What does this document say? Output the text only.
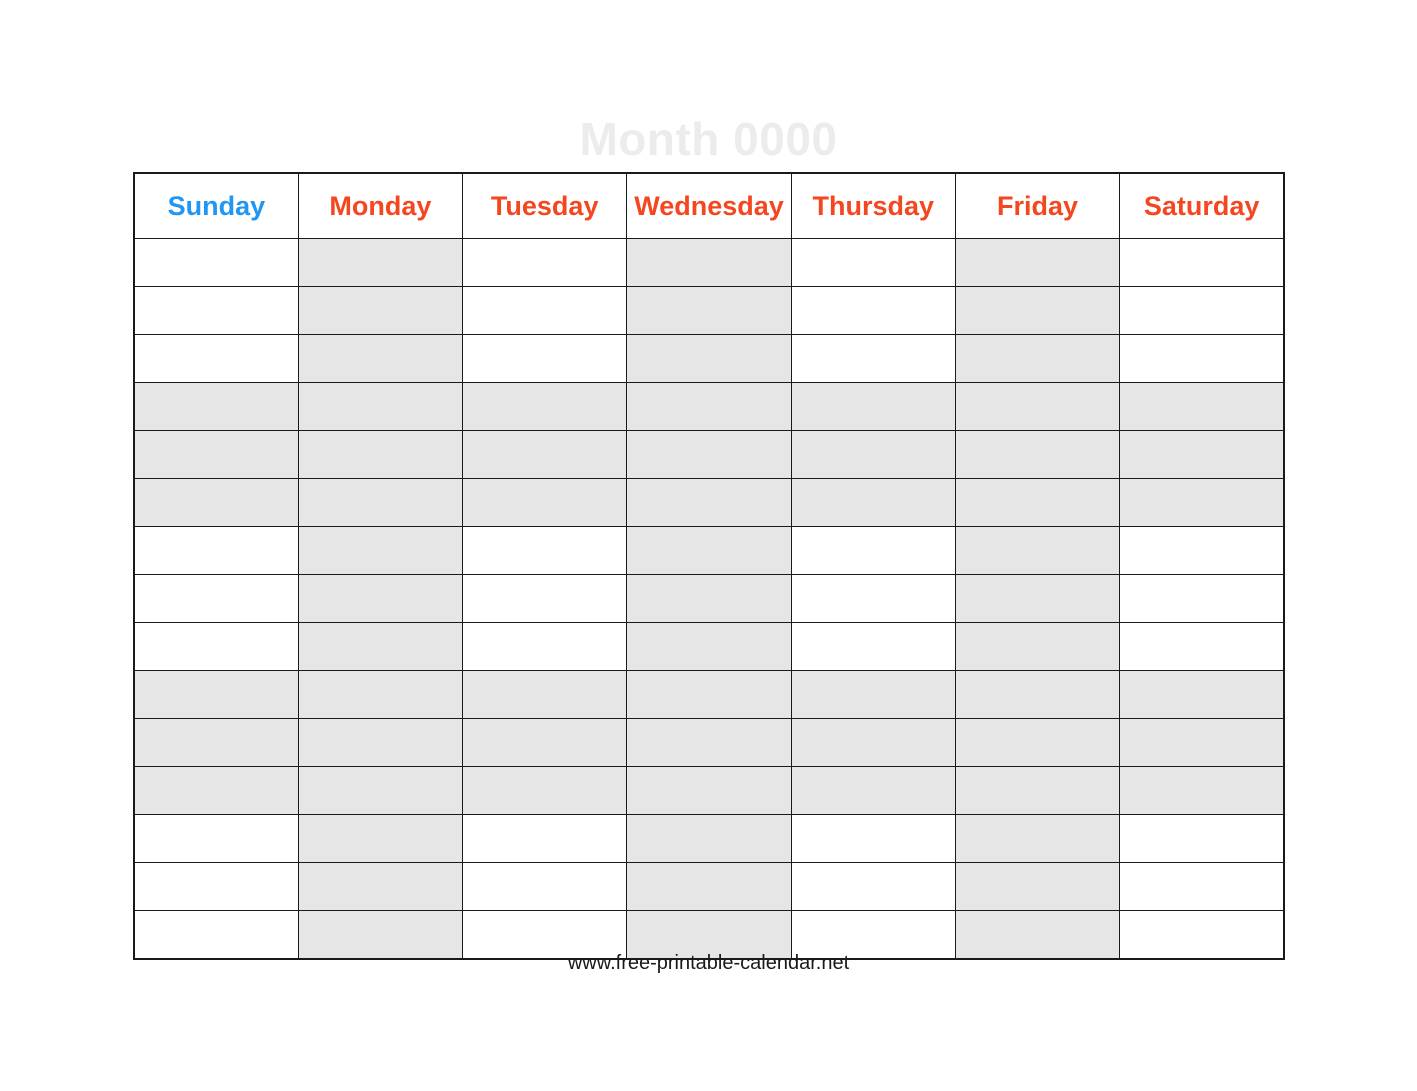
Month 0000
Sunday	Monday	Tuesday	Wednesday	Thursday	Friday	Saturday

www.free-printable-calendar.net
